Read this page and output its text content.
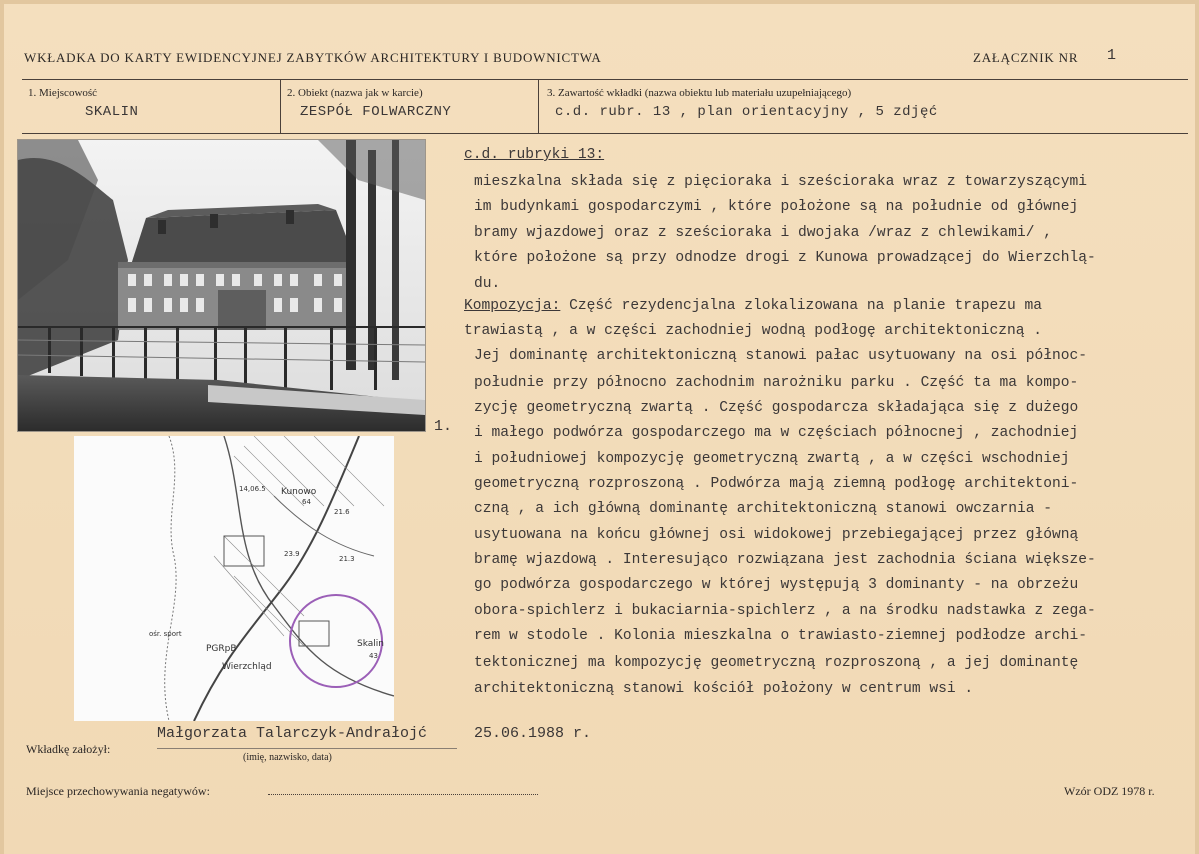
WKŁADKA DO KARTY EWIDENCYJNEJ ZABYTKÓW ARCHITEKTURY I BUDOWNICTWA	ZAŁĄCZNIK NR 1
1. Miejscowość
SKALIN
2. Obiekt (nazwa jak w karcie)
ZESPÓŁ FOLWARCZNY
3. Zawartość wkładki (nazwa obiektu lub materiału uzupełniającego)
c.d. rubr. 13 , plan orientacyjny , 5 zdjęć
1.
Kunowo
Skalin
Wierzchląd
PGRpB
ośr. sport
14,06.5
21.6
21.3
23.9
43
64
c.d. rubryki 13:
mieszkalna składa się z pięcioraka i sześcioraka wraz z towarzyszącymi
im budynkami gospodarczymi , które położone są na południe od głównej
bramy wjazdowej oraz z sześcioraka i dwojaka /wraz z chlewikami/ ,
które położone są przy odnodze drogi z Kunowa prowadzącej do Wierzchlą-
du.
Kompozycja: Część rezydencjalna zlokalizowana na planie trapezu ma
trawiastą , a w części zachodniej wodną podłogę architektoniczną .
Jej dominantę architektoniczną stanowi pałac usytuowany na osi północ-
południe przy północno zachodnim narożniku parku . Część ta ma kompo-
zycję geometryczną zwartą . Część gospodarcza składająca się z dużego
i małego podwórza gospodarczego ma w częściach północnej , zachodniej
i południowej kompozycję geometryczną zwartą , a w części wschodniej
geometryczną rozproszoną . Podwórza mają ziemną podłogę architektoni-
czną , a ich główną dominantę architektoniczną stanowi owczarnia -
usytuowana na końcu głównej osi widokowej przebiegającej przez główną
bramę wjazdową . Interesująco rozwiązana jest zachodnia ściana większe-
go podwórza gospodarczego w której występują 3 dominanty - na obrzeżu
obora-spichlerz i bukaciarnia-spichlerz , a na środku nadstawka z zega-
rem w stodole . Kolonia mieszkalna o trawiasto-ziemnej podłodze archi-
tektonicznej ma kompozycję geometryczną rozproszoną , a jej dominantę
architektoniczną stanowi kościół położony w centrum wsi .
Wkładkę założył:
Małgorzata Talarczyk-Andrałojć	25.06.1988 r.
(imię, nazwisko, data)
Miejsce przechowywania negatywów:	Wzór ODZ 1978 r.
